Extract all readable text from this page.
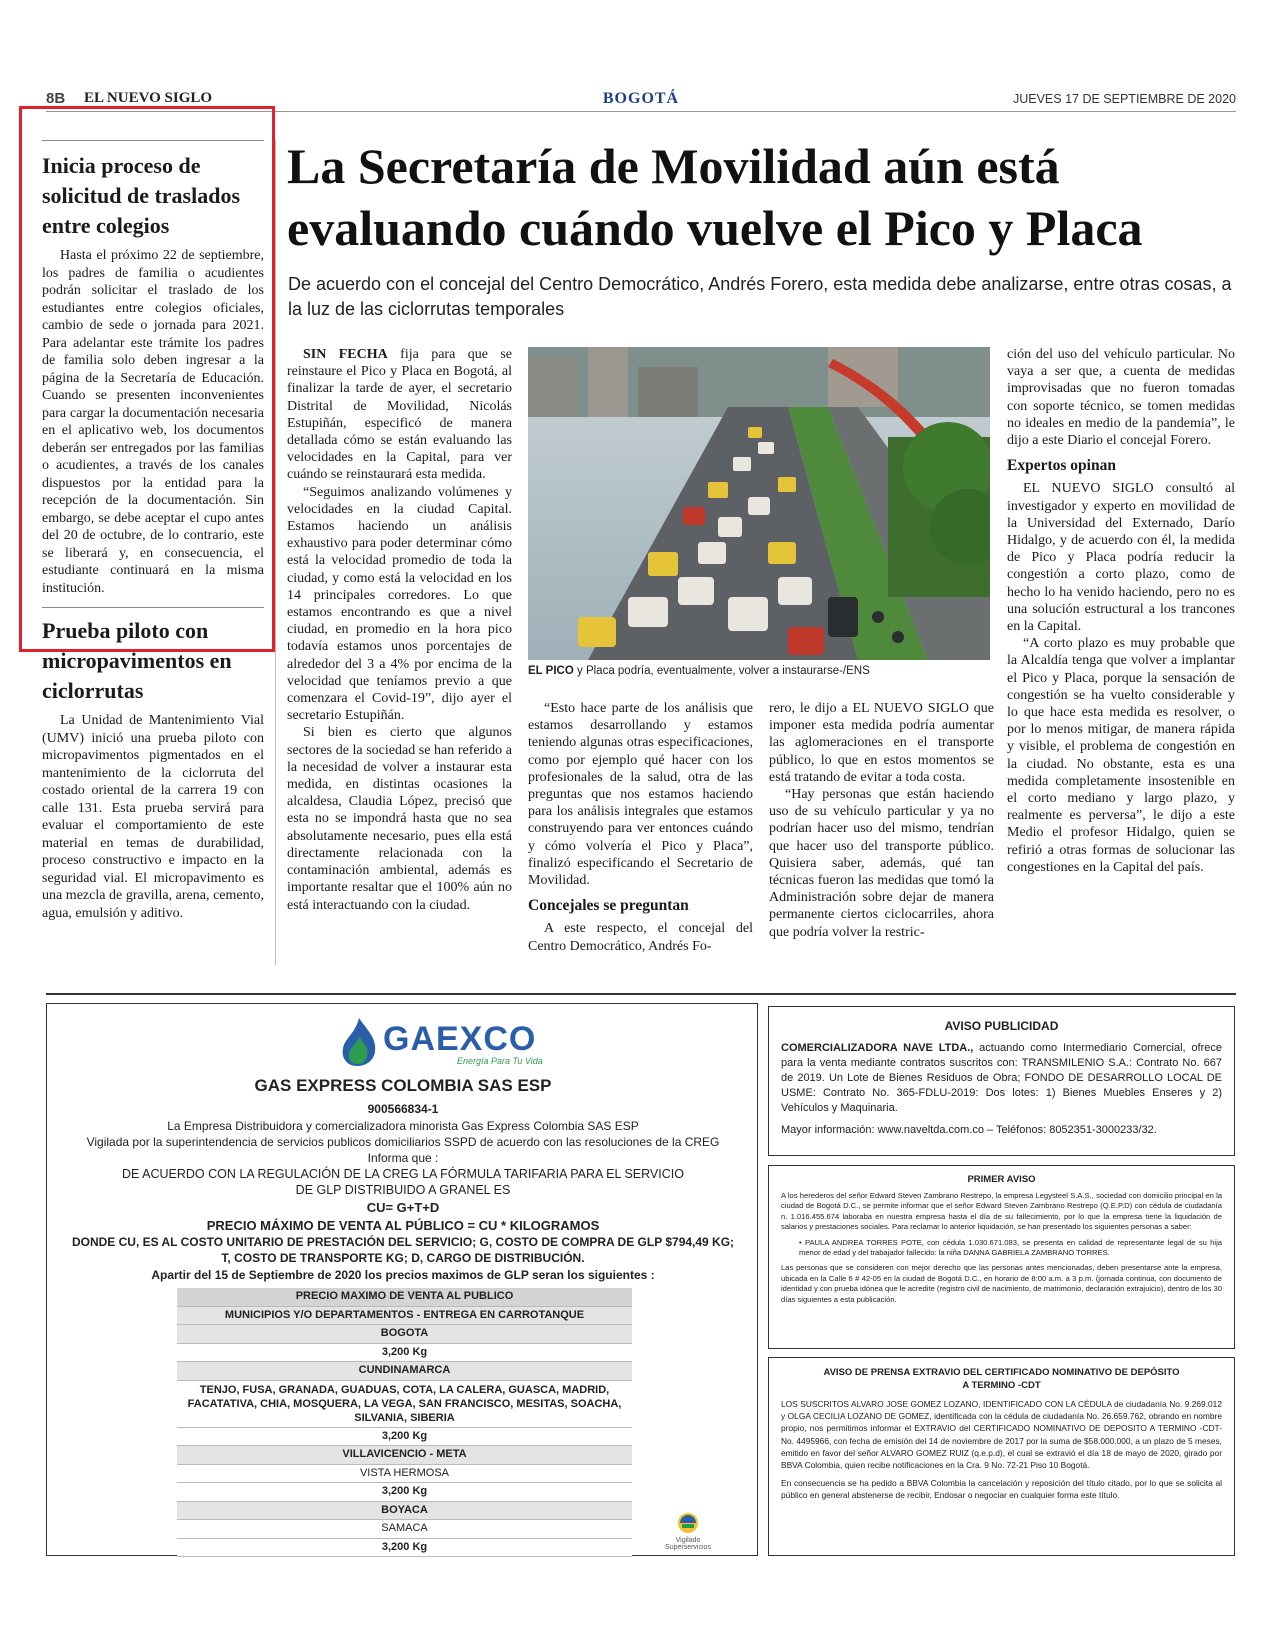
8B EL NUEVO SIGLO	BOGOTÁ	JUEVES 17 DE SEPTIEMBRE DE 2020
Inicia proceso de solicitud de traslados entre colegios

Hasta el próximo 22 de septiembre, los padres de familia o acudientes podrán solicitar el traslado de los estudiantes entre colegios oficiales, cambio de sede o jornada para 2021. Para adelantar este trámite los padres de familia solo deben ingresar a la página de la Secretaría de Educación. Cuando se presenten inconvenientes para cargar la documentación necesaria en el aplicativo web, los documentos deberán ser entregados por las familias o acudientes, a través de los canales dispuestos por la entidad para la recepción de la documentación. Sin embargo, se debe aceptar el cupo antes del 20 de octubre, de lo contrario, este se liberará y, en consecuencia, el estudiante continuará en la misma institución.

Prueba piloto con micropavimentos en ciclorrutas

La Unidad de Mantenimiento Vial (UMV) inició una prueba piloto con micropavimentos pigmentados en el mantenimiento de la ciclorruta del costado oriental de la carrera 19 con calle 131. Esta prueba servirá para evaluar el comportamiento de este material en temas de durabilidad, proceso constructivo e impacto en la seguridad vial. El micropavimento es una mezcla de gravilla, arena, cemento, agua, emulsión y aditivo.

La Secretaría de Movilidad aún está evaluando cuándo vuelve el Pico y Placa

De acuerdo con el concejal del Centro Democrático, Andrés Forero, esta medida debe analizarse, entre otras cosas, a la luz de las ciclorrutas temporales

SIN FECHA fija para que se reinstaure el Pico y Placa en Bogotá, al finalizar la tarde de ayer, el secretario Distrital de Movilidad, Nicolás Estupiñán, especificó de manera detallada cómo se están evaluando las velocidades en la Capital, para ver cuándo se reinstaurará esta medida.

“Seguimos analizando volúmenes y velocidades en la ciudad Capital. Estamos haciendo un análisis exhaustivo para poder determinar cómo está la velocidad promedio de toda la ciudad, y como está la velocidad en los 14 principales corredores. Lo que estamos encontrando es que a nivel ciudad, en promedio en la hora pico todavía estamos unos porcentajes de alrededor del 3 a 4% por encima de la velocidad que teníamos previo a que comenzara el Covid-19”, dijo ayer el secretario Estupiñán.

Si bien es cierto que algunos sectores de la sociedad se han referido a la necesidad de volver a instaurar esta medida, en distintas ocasiones la alcaldesa, Claudia López, precisó que esta no se impondrá hasta que no sea absolutamente necesario, pues ella está directamente relacionada con la contaminación ambiental, además es importante resaltar que el 100% aún no está interactuando con la ciudad.

EL PICO y Placa podría, eventualmente, volver a instaurarse-/ENS

“Esto hace parte de los análisis que estamos desarrollando y estamos teniendo algunas otras especificaciones, como por ejemplo qué hacer con los profesionales de la salud, otra de las preguntas que nos estamos haciendo para los análisis integrales que estamos construyendo para ver entonces cuándo y cómo volvería el Pico y Placa”, finalizó especificando el Secretario de Movilidad.

Concejales se preguntan

A este respecto, el concejal del Centro Democrático, Andrés Fo-

rero, le dijo a EL NUEVO SIGLO que imponer esta medida podría aumentar las aglomeraciones en el transporte público, lo que en estos momentos se está tratando de evitar a toda costa.

“Hay personas que están haciendo uso de su vehículo particular y ya no podrían hacer uso del mismo, tendrían que hacer uso del transporte público. Quisiera saber, además, qué tan técnicas fueron las medidas que tomó la Administración sobre dejar de manera permanente ciertos ciclocarriles, ahora que podría volver la restric-

ción del uso del vehículo particular. No vaya a ser que, a cuenta de medidas improvisadas que no fueron tomadas con soporte técnico, se tomen medidas no ideales en medio de la pandemia”, le dijo a este Diario el concejal Forero.

Expertos opinan

EL NUEVO SIGLO consultó al investigador y experto en movilidad de la Universidad del Externado, Darío Hidalgo, y de acuerdo con él, la medida de Pico y Placa podría reducir la congestión a corto plazo, como de hecho lo ha venido haciendo, pero no es una solución estructural a los trancones en la Capital.

“A corto plazo es muy probable que la Alcaldía tenga que volver a implantar el Pico y Placa, porque la sensación de congestión se ha vuelto considerable y lo que hace esta medida es resolver, o por lo menos mitigar, de manera rápida y visible, el problema de congestión en la ciudad. No obstante, esta es una medida completamente insostenible en el corto mediano y largo plazo, y realmente es perversa”, le dijo a este Medio el profesor Hidalgo, quien se refirió a otras formas de solucionar las congestiones en la Capital del país.

GAEXCO
Energía Para Tu Vida
GAS EXPRESS COLOMBIA SAS ESP
900566834-1
La Empresa Distribuidora y comercializadora minorista Gas Express Colombia SAS ESP
Vigilada por la superintendencia de servicios publicos domiciliarios SSPD de acuerdo con las resoluciones de la CREG
Informa que :
DE ACUERDO CON LA REGULACIÓN DE LA CREG LA FÓRMULA TARIFARIA PARA EL SERVICIO
DE GLP DISTRIBUIDO A GRANEL ES
CU= G+T+D
PRECIO MÁXIMO DE VENTA AL PÚBLICO = CU * KILOGRAMOS
DONDE CU, ES AL COSTO UNITARIO DE PRESTACIÓN DEL SERVICIO; G, COSTO DE COMPRA DE GLP $794,49 KG;
T, COSTO DE TRANSPORTE KG; D, CARGO DE DISTRIBUCIÓN.
Apartir del 15 de Septiembre de 2020 los precios maximos de GLP seran los siguientes :
PRECIO MAXIMO DE VENTA AL PUBLICO
MUNICIPIOS Y/O DEPARTAMENTOS - ENTREGA EN CARROTANQUE
BOGOTA
3,200 Kg
CUNDINAMARCA
TENJO, FUSA, GRANADA, GUADUAS, COTA, LA CALERA, GUASCA, MADRID, FACATATIVA, CHIA, MOSQUERA, LA VEGA, SAN FRANCISCO, MESITAS, SOACHA, SILVANIA, SIBERIA
3,200 Kg
VILLAVICENCIO - META
VISTA HERMOSA
3,200 Kg
BOYACA
SAMACA
3,200 Kg	Vigilado Superservicios
AVISO PUBLICIDAD

COMERCIALIZADORA NAVE LTDA., actuando como Intermediario Comercial, ofrece para la venta mediante contratos suscritos con: TRANSMILENIO S.A.: Contrato No. 667 de 2019. Un Lote de Bienes Residuos de Obra; FONDO DE DESARROLLO LOCAL DE USME: Contrato No. 365-FDLU-2019: Dos lotes: 1) Bienes Muebles Enseres y 2) Vehículos y Maquinaria.

Mayor información: www.naveltda.com.co – Teléfonos: 8052351-3000233/32.

PRIMER AVISO

A los herederos del señor Edward Steven Zambrano Restrepo, la empresa Legysteel S.A.S., sociedad con domicilio principal en la ciudad de Bogotá D.C., se permite informar que el señor Edward Steven Zambrano Restrepo (Q.E.P.D) con cédula de ciudadanía n. 1.016.455.674 laboraba en nuestra empresa hasta el día de su fallecimiento, por lo que la empresa tiene la liquidación de salarios y prestaciones sociales. Para reclamar lo anterior liquidación, se han presentado los siguientes personas a saber:

• PAULA ANDREA TORRES POTE, con cédula 1.030.671.083, se presenta en calidad de representante legal de su hija menor de edad y del trabajador fallecido: la niña DANNA GABRIELA ZAMBRANO TORRES.

Las personas que se consideren con mejor derecho que las personas antes mencionadas, deben presentarse ante la empresa, ubicada en la Calle 6 # 42-05 en la ciudad de Bogotá D.C., en horario de 8:00 a.m. a 3 p.m. (jornada continua, con documento de identidad y con prueba idónea que le acredite (registro civil de nacimiento, de matrimonio, declaración extrajuicio), dentro de los 30 días siguientes a esta publicación.

AVISO DE PRENSA EXTRAVIO DEL CERTIFICADO NOMINATIVO DE DEPÓSITO
A TERMINO -CDT

LOS SUSCRITOS ALVARO JOSE GOMEZ LOZANO, IDENTIFICADO CON LA CÉDULA de ciudadanía No. 9.269.012 y OLGA CECILIA LOZANO DE GOMEZ, identificada con la cédula de ciudadanía No. 26.659.762, obrando en nombre propio, nos permitimos informar el EXTRAVIO del CERTIFICADO NOMINATIVO DE DEPOSITO A TERMINO -CDT- No. 4495966, con fecha de emisión del 14 de noviembre de 2017 por la suma de $58.000.000, a un plazo de 5 meses, emitido en favor del señor ALVARO GOMEZ RUIZ (q.e.p.d), el cual se extravió el día 18 de mayo de 2020, girado por BBVA Colombia, quien recibe notificaciones en la Cra. 9 No. 72-21 Piso 10 Bogotá.

En consecuencia se ha pedido a BBVA Colombia la cancelación y reposición del título citado, por lo que se solicita al público en general abstenerse de recibir, Endosar o negociar en cualquier forma este título.
